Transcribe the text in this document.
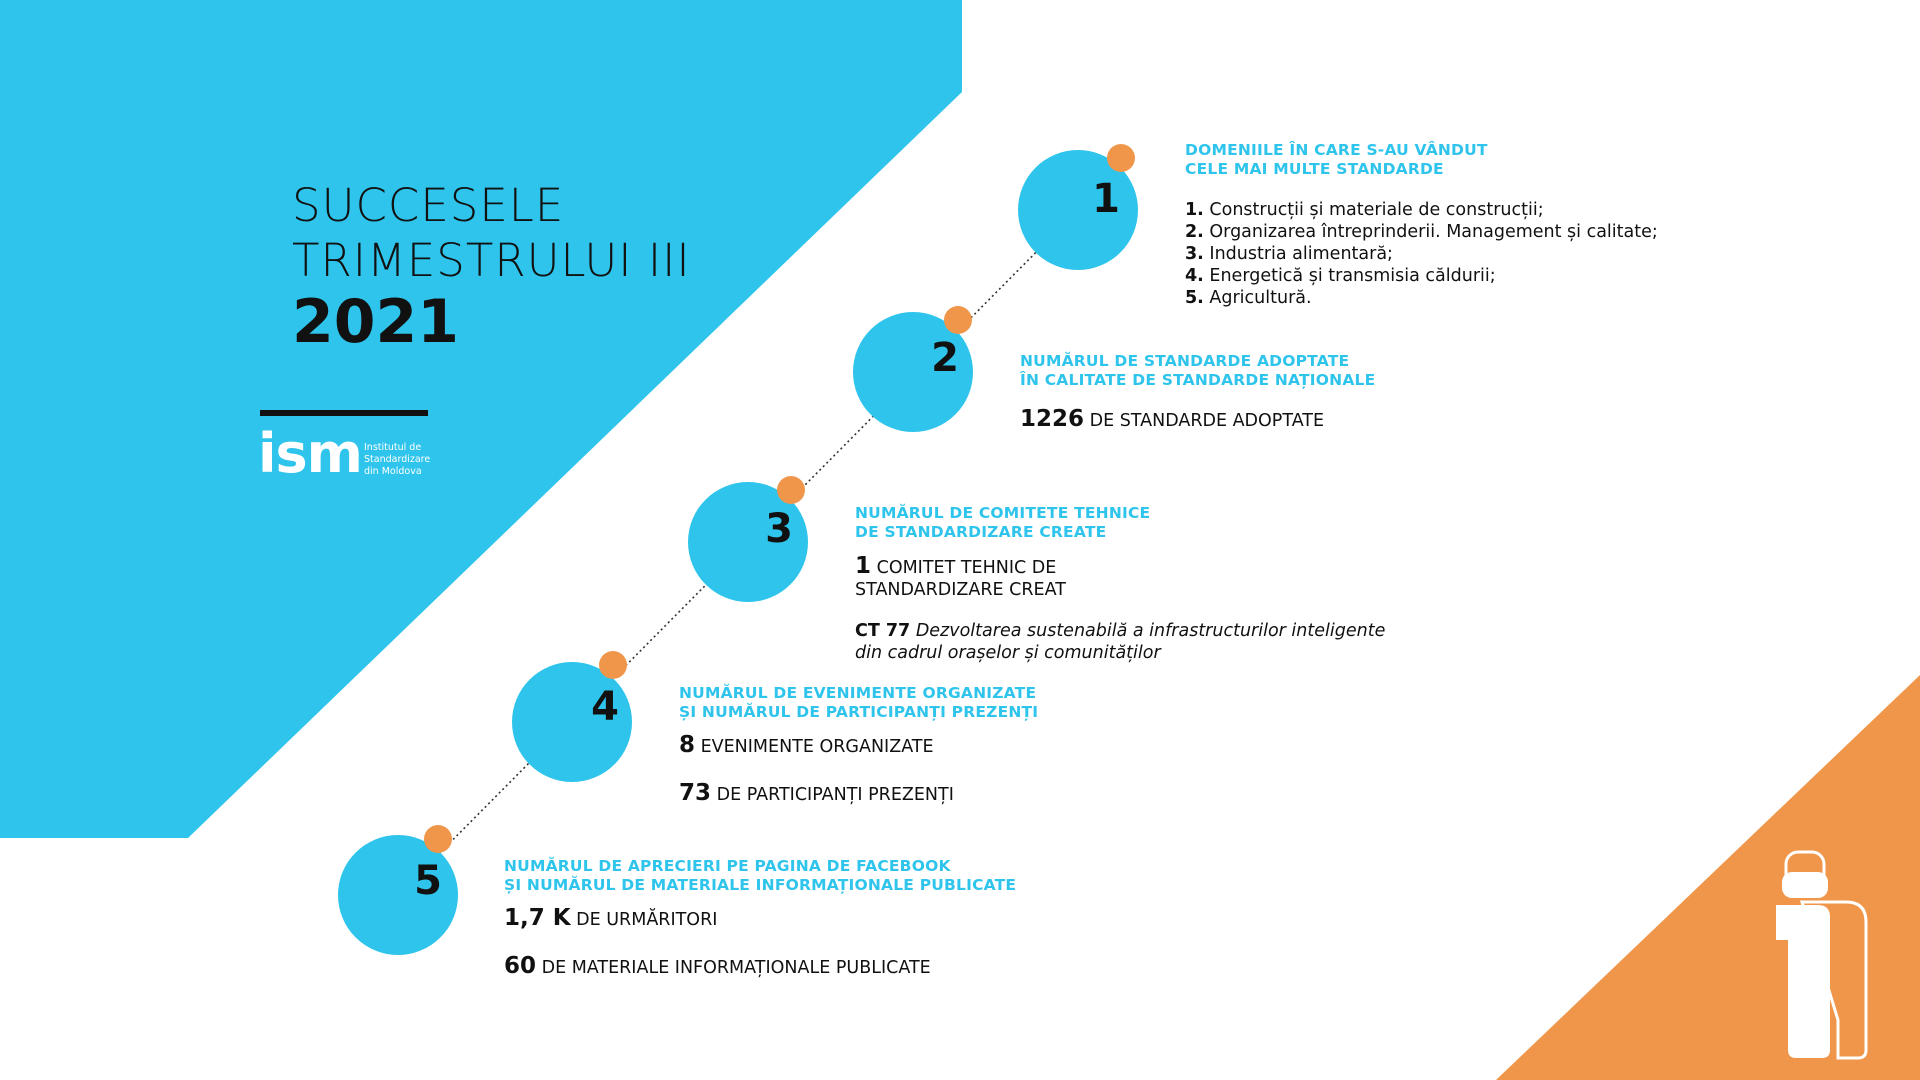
SUCCESELE
TRIMESTRULUI III
2021
ism Institutul de
Standardizare
din Moldova
1
DOMENIILE ÎN CARE S-AU VÂNDUT
CELE MAI MULTE STANDARDE
1. Construcții și materiale de construcții;
2. Organizarea întreprinderii. Management și calitate;
3. Industria alimentară;
4. Energetică și transmisia căldurii;
5. Agricultură.
2	NUMĂRUL DE STANDARDE ADOPTATE
ÎN CALITATE DE STANDARDE NAȚIONALE
1226 DE STANDARDE ADOPTATE
3	NUMĂRUL DE COMITETE TEHNICE
DE STANDARDIZARE CREATE
1 COMITET TEHNIC DE
STANDARDIZARE CREAT
CT 77 Dezvoltarea sustenabilă a infrastructurilor inteligente
din cadrul orașelor și comunităților
4	NUMĂRUL DE EVENIMENTE ORGANIZATE
ȘI NUMĂRUL DE PARTICIPANȚI PREZENȚI
8 EVENIMENTE ORGANIZATE
73 DE PARTICIPANȚI PREZENȚI
5	NUMĂRUL DE APRECIERI PE PAGINA DE FACEBOOK
ȘI NUMĂRUL DE MATERIALE INFORMAȚIONALE PUBLICATE
1,7 K DE URMĂRITORI
60 DE MATERIALE INFORMAȚIONALE PUBLICATE
